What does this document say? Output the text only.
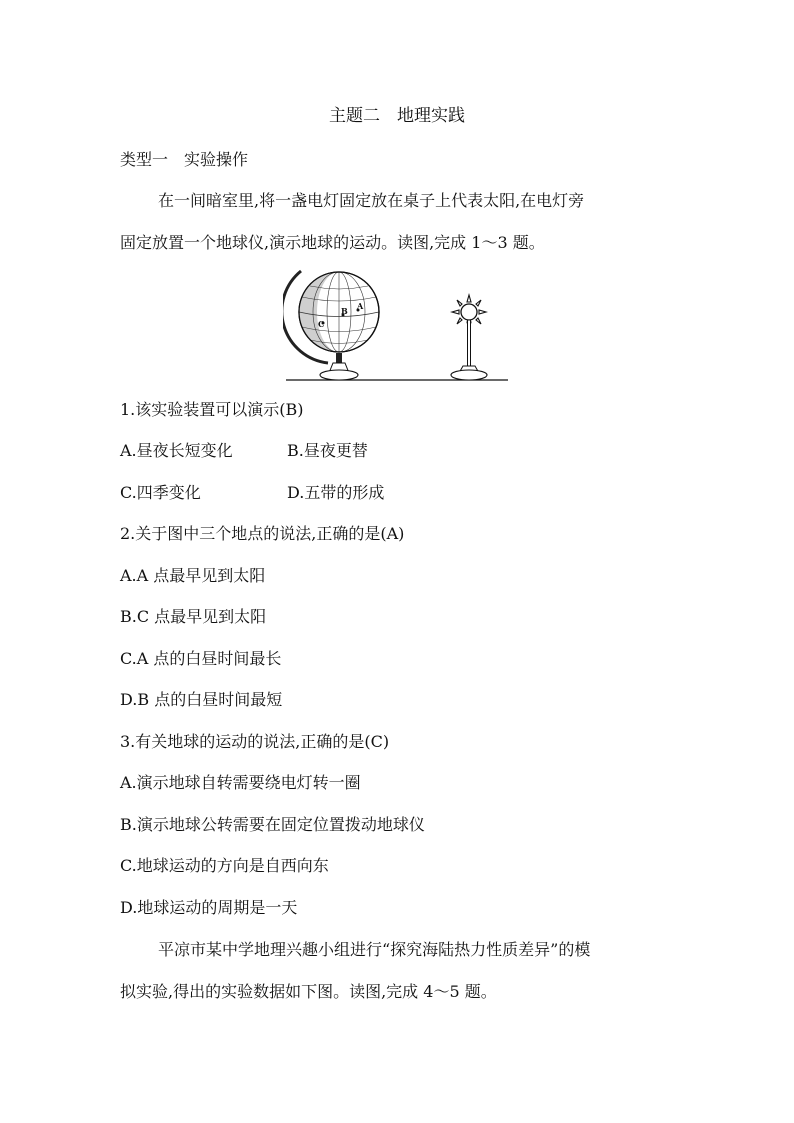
主题二　地理实践
类型一　实验操作
在一间暗室里,将一盏电灯固定放在桌子上代表太阳,在电灯旁
固定放置一个地球仪,演示地球的运动。读图,完成 1～3 题。
C
B A
1.该实验装置可以演示(B)
A.昼夜长短变化	B.昼夜更替
C.四季变化	D.五带的形成
2.关于图中三个地点的说法,正确的是(A)
A.A 点最早见到太阳
B.C 点最早见到太阳
C.A 点的白昼时间最长
D.B 点的白昼时间最短
3.有关地球的运动的说法,正确的是(C)
A.演示地球自转需要绕电灯转一圈
B.演示地球公转需要在固定位置拨动地球仪
C.地球运动的方向是自西向东
D.地球运动的周期是一天
平凉市某中学地理兴趣小组进行“探究海陆热力性质差异”的模
拟实验,得出的实验数据如下图。读图,完成 4～5 题。
